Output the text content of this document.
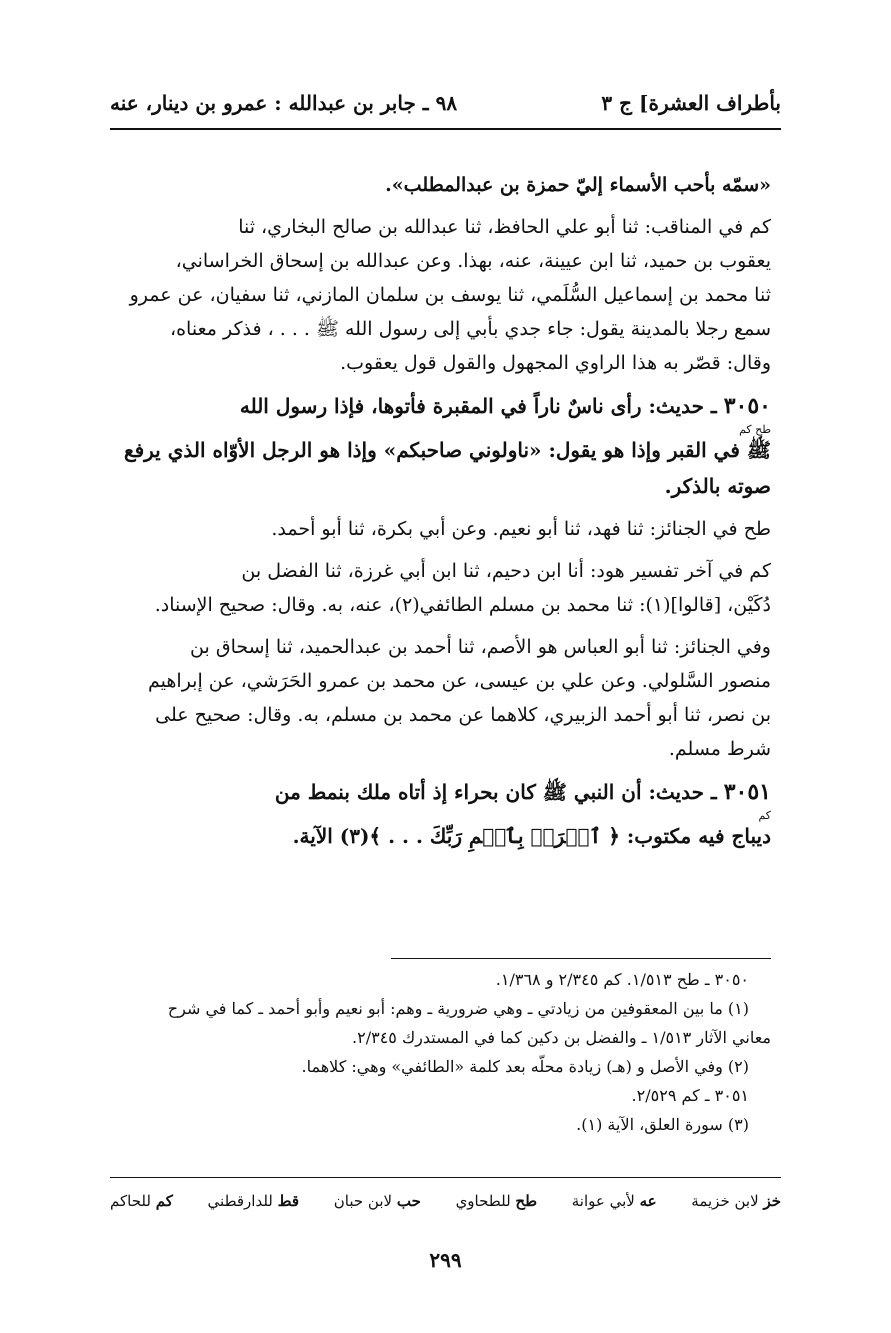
بأطراف العشرة] ج ٣
٩٨ ـ جابر بن عبدالله : عمرو بن دينار، عنه
«سمّه بأحب الأسماء إليّ حمزة بن عبدالمطلب».
كم في المناقب: ثنا أبو علي الحافظ، ثنا عبدالله بن صالح البخاري، ثنا
يعقوب بن حميد، ثنا ابن عيينة، عنه، بهذا. وعن عبدالله بن إسحاق الخراساني،
ثنا محمد بن إسماعيل السُّلَمي، ثنا يوسف بن سلمان المازني، ثنا سفيان، عن عمرو
سمع رجلا بالمدينة يقول: جاء جدي بأبي إلى رسول الله ﷺ . . . ، فذكر معناه،
وقال: قصّر به هذا الراوي المجهول والقول قول يعقوب.
٣٠٥٠ ـ حديث: رأى ناسٌ ناراً في المقبرة فأتوها، فإذا رسول الله
طح كم
ﷺ في القبر وإذا هو يقول: «ناولوني صاحبكم» وإذا هو الرجل الأوّاه الذي يرفع
صوته بالذكر.
طح في الجنائز: ثنا فهد، ثنا أبو نعيم. وعن أبي بكرة، ثنا أبو أحمد.
كم في آخر تفسير هود: أنا ابن دحيم، ثنا ابن أبي غرزة، ثنا الفضل بن
دُكَيْن، [قالوا](١): ثنا محمد بن مسلم الطائفي(٢)، عنه، به. وقال: صحيح الإسناد.
وفي الجنائز: ثنا أبو العباس هو الأصم، ثنا أحمد بن عبدالحميد، ثنا إسحاق بن
منصور السَّلولي. وعن علي بن عيسى، عن محمد بن عمرو الحَرَشي، عن إبراهيم
بن نصر، ثنا أبو أحمد الزبيري، كلاهما عن محمد بن مسلم، به. وقال: صحيح على
شرط مسلم.
٣٠٥١ ـ حديث: أن النبي ﷺ كان بحراء إذ أتاه ملك بنمط من
كم
ديباج فيه مكتوب: ﴿ ٱقۡرَأۡ بِٱسۡمِ رَبِّكَ . . . ﴾(٣) الآية.
٣٠٥٠ ـ طح ١/٥١٣. كم ٢/٣٤٥ و ١/٣٦٨.
(١) ما بين المعقوفين من زيادتي ـ وهي ضرورية ـ وهم: أبو نعيم وأبو أحمد ـ كما في شرح
معاني الآثار ١/٥١٣ ـ والفضل بن دكين كما في المستدرك ٢/٣٤٥.
(٢) وفي الأصل و (هـ) زيادة محلّه بعد كلمة «الطائفي» وهي: كلاهما.
٣٠٥١ ـ كم ٢/٥٢٩.
(٣) سورة العلق، الآية (١).
خز لابن خزيمة
عه لأبي عوانة
طح للطحاوي
حب لابن حبان
قط للدارقطني
كم للحاكم
٢٩٩
